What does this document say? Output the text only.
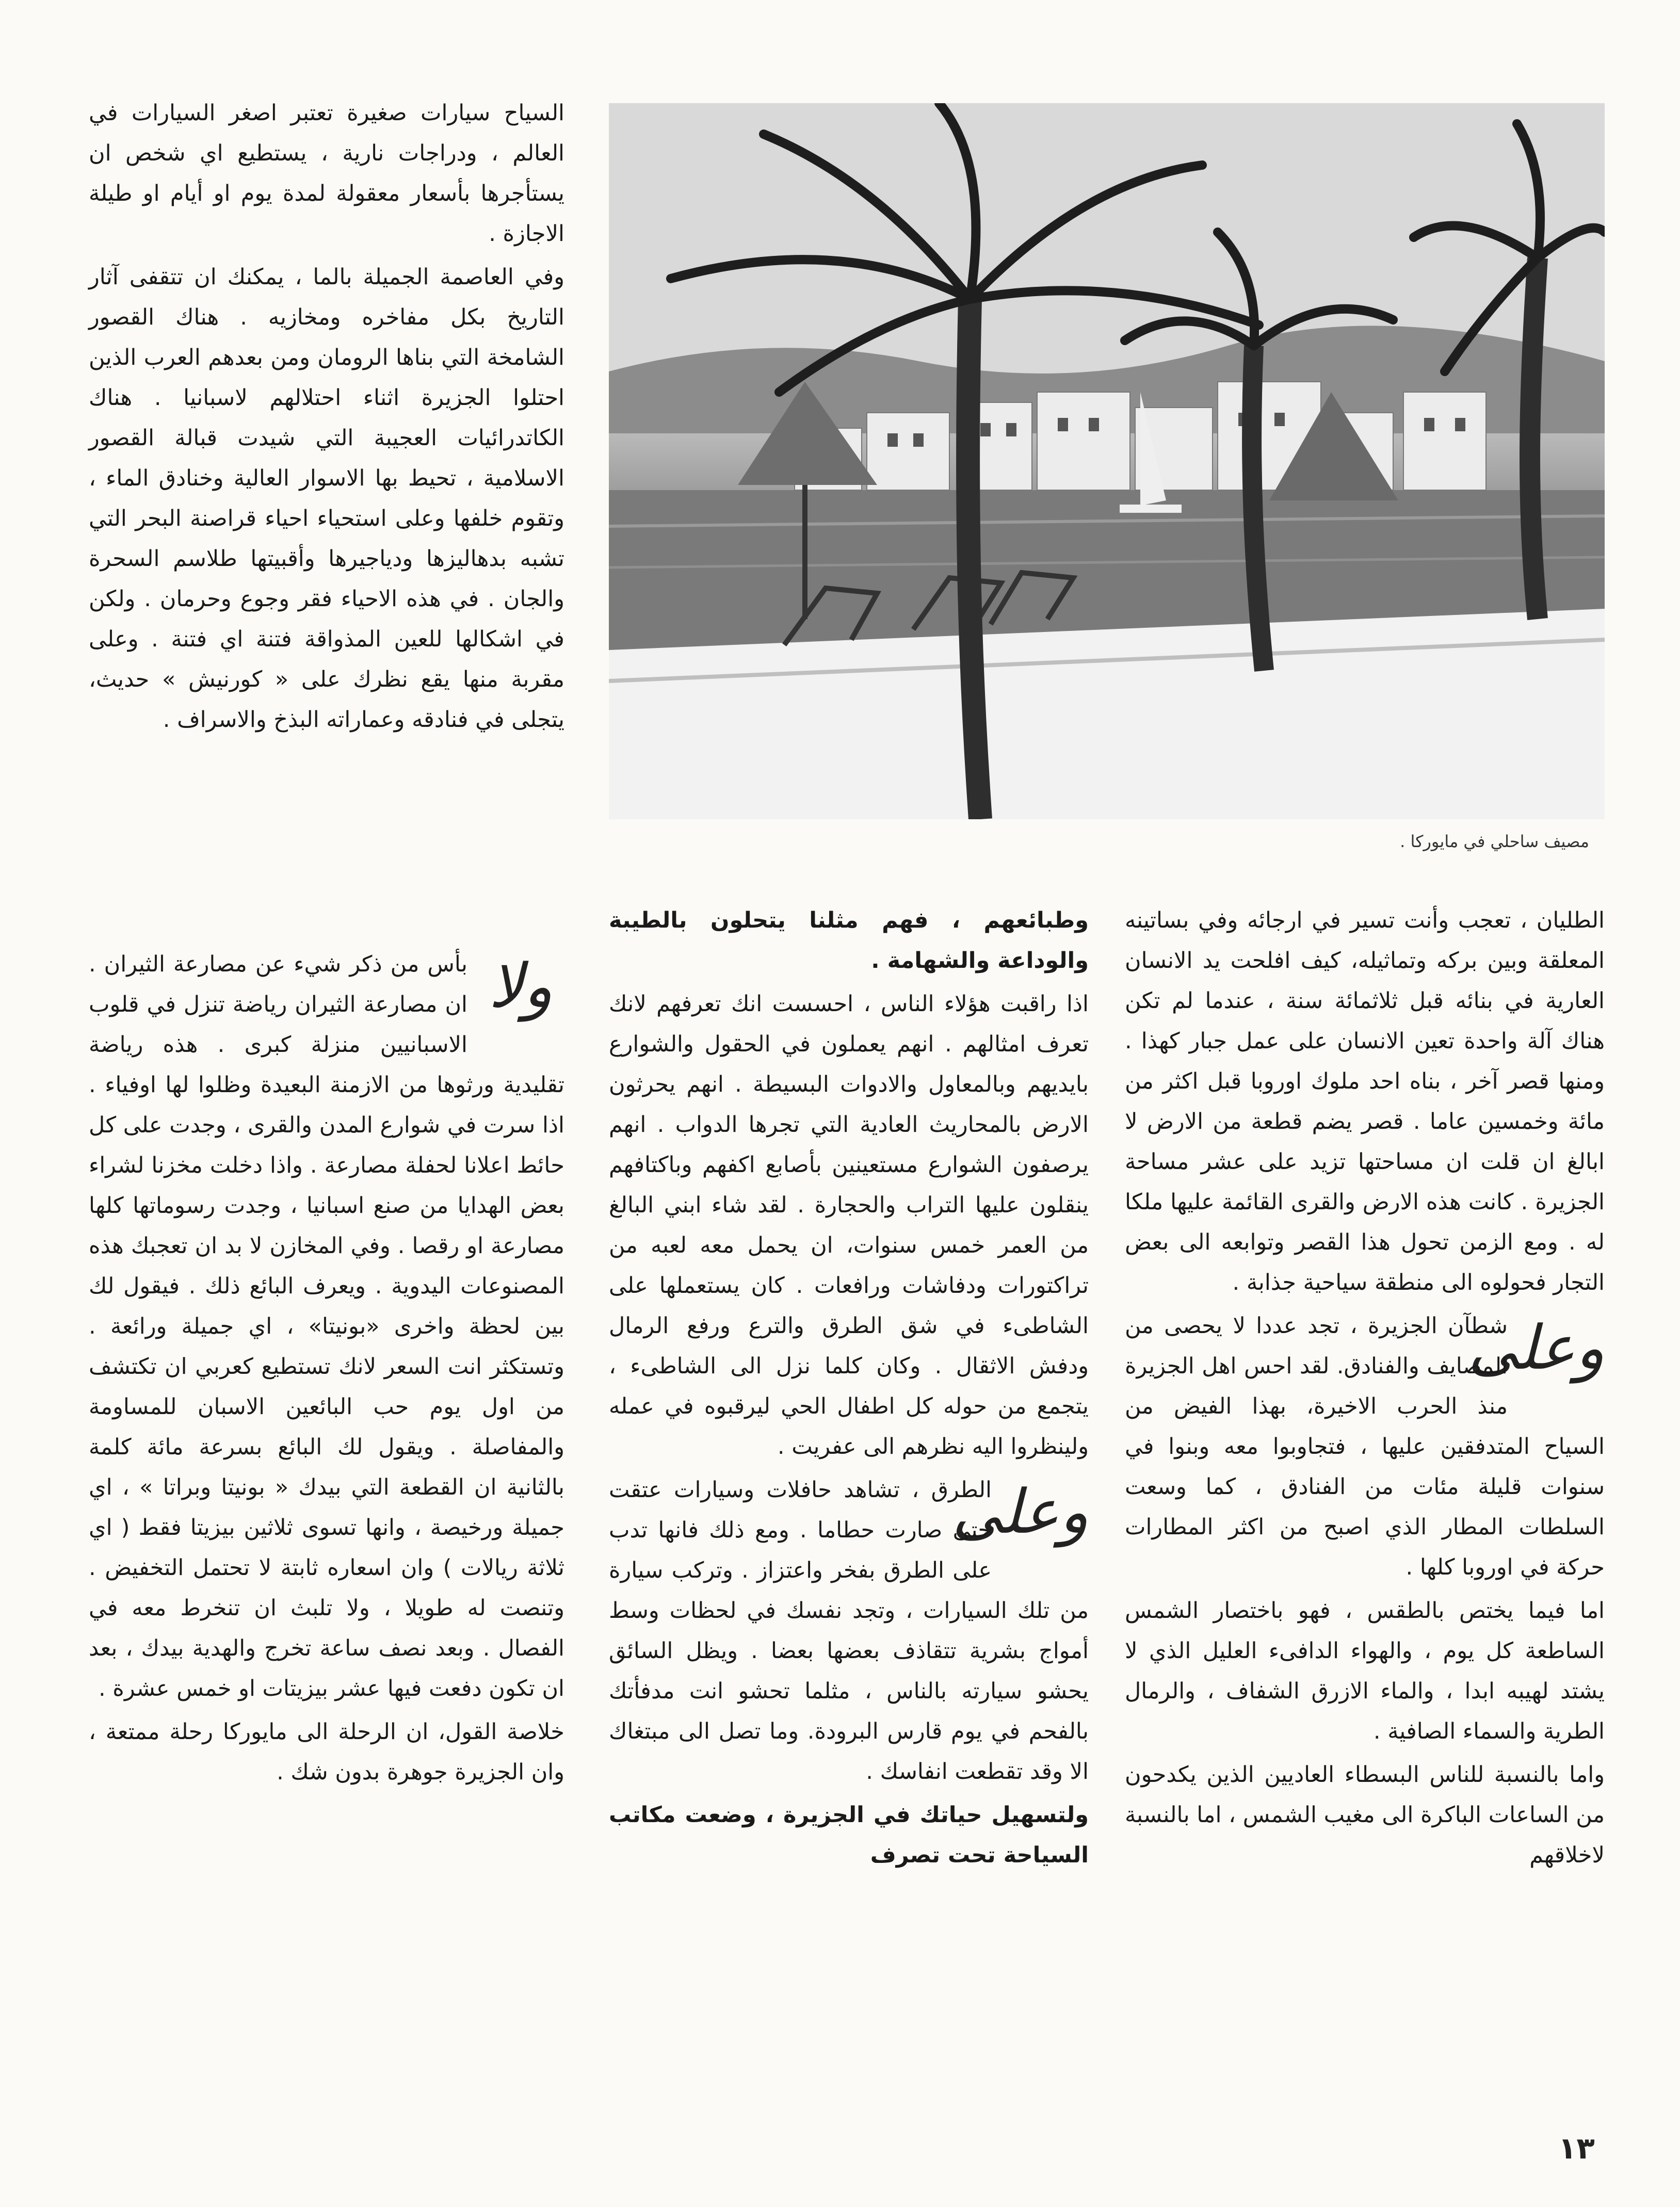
السياح سيارات صغيرة تعتبر اصغر السيارات في العالم ، ودراجات نارية ، يستطيع اي شخص ان يستأجرها بأسعار معقولة لمدة يوم او أيام او طيلة الاجازة .

وفي العاصمة الجميلة بالما ، يمكنك ان تتقفى آثار التاريخ بكل مفاخره ومخازيه . هناك القصور الشامخة التي بناها الرومان ومن بعدهم العرب الذين احتلوا الجزيرة اثناء احتلالهم لاسبانيا . هناك الكاتدرائيات العجيبة التي شيدت قبالة القصور الاسلامية ، تحيط بها الاسوار العالية وخنادق الماء ، وتقوم خلفها وعلى استحياء احياء قراصنة البحر التي تشبه بدهاليزها ودياجيرها وأقبيتها طلاسم السحرة والجان . في هذه الاحياء فقر وجوع وحرمان . ولكن في اشكالها للعين المذواقة فتنة اي فتنة . وعلى مقربة منها يقع نظرك على « كورنيش » حديث، يتجلى في فنادقه وعماراته البذخ والاسراف .

مصيف ساحلي في مايوركا .

الطليان ، تعجب وأنت تسير في ارجائه وفي بساتينه المعلقة وبين بركه وتماثيله، كيف افلحت يد الانسان العارية في بنائه قبل ثلاثمائة سنة ، عندما لم تكن هناك آلة واحدة تعين الانسان على عمل جبار كهذا . ومنها قصر آخر ، بناه احد ملوك اوروبا قبل اكثر من مائة وخمسين عاما . قصر يضم قطعة من الارض لا ابالغ ان قلت ان مساحتها تزيد على عشر مساحة الجزيرة . كانت هذه الارض والقرى القائمة عليها ملكا له . ومع الزمن تحول هذا القصر وتوابعه الى بعض التجار فحولوه الى منطقة سياحية جذابة .

وعلى
شطآن الجزيرة ، تجد عددا لا يحصى من المصايف والفنادق. لقد احس اهل الجزيرة منذ الحرب الاخيرة، بهذا الفيض من السياح المتدفقين عليها ، فتجاوبوا معه وبنوا في سنوات قليلة مئات من الفنادق ، كما وسعت السلطات المطار الذي اصبح من اكثر المطارات حركة في اوروبا كلها .

اما فيما يختص بالطقس ، فهو باختصار الشمس الساطعة كل يوم ، والهواء الدافىء العليل الذي لا يشتد لهيبه ابدا ، والماء الازرق الشفاف ، والرمال الطرية والسماء الصافية .

واما بالنسبة للناس البسطاء العاديين الذين يكدحون من الساعات الباكرة الى مغيب الشمس ، اما بالنسبة لاخلاقهم

وطبائعهم ، فهم مثلنا يتحلون بالطيبة والوداعة والشهامة .

اذا راقبت هؤلاء الناس ، احسست انك تعرفهم لانك تعرف امثالهم . انهم يعملون في الحقول والشوارع بايديهم وبالمعاول والادوات البسيطة . انهم يحرثون الارض بالمحاريث العادية التي تجرها الدواب . انهم يرصفون الشوارع مستعينين بأصابع اكفهم وباكتافهم ينقلون عليها التراب والحجارة . لقد شاء ابني البالغ من العمر خمس سنوات، ان يحمل معه لعبه من تراكتورات ودفاشات ورافعات . كان يستعملها على الشاطىء في شق الطرق والترع ورفع الرمال ودفش الاثقال . وكان كلما نزل الى الشاطىء ، يتجمع من حوله كل اطفال الحي ليرقبوه في عمله ولينظروا اليه نظرهم الى عفريت .

وعلى
الطرق ، تشاهد حافلات وسيارات عتقت حتى صارت حطاما . ومع ذلك فانها تدب على الطرق بفخر واعتزاز . وتركب سيارة من تلك السيارات ، وتجد نفسك في لحظات وسط أمواج بشرية تتقاذف بعضها بعضا . ويظل السائق يحشو سيارته بالناس ، مثلما تحشو انت مدفأتك بالفحم في يوم قارس البرودة. وما تصل الى مبتغاك الا وقد تقطعت انفاسك .

ولتسهيل حياتك في الجزيرة ، وضعت مكاتب السياحة تحت تصرف

ولا
بأس من ذكر شيء عن مصارعة الثيران . ان مصارعة الثيران رياضة تنزل في قلوب الاسبانيين منزلة كبرى . هذه رياضة تقليدية ورثوها من الازمنة البعيدة وظلوا لها اوفياء . اذا سرت في شوارع المدن والقرى ، وجدت على كل حائط اعلانا لحفلة مصارعة . واذا دخلت مخزنا لشراء بعض الهدايا من صنع اسبانيا ، وجدت رسوماتها كلها مصارعة او رقصا . وفي المخازن لا بد ان تعجبك هذه المصنوعات اليدوية . ويعرف البائع ذلك . فيقول لك بين لحظة واخرى «بونيتا» ، اي جميلة ورائعة . وتستكثر انت السعر لانك تستطيع كعربي ان تكتشف من اول يوم حب البائعين الاسبان للمساومة والمفاصلة . ويقول لك البائع بسرعة مائة كلمة بالثانية ان القطعة التي بيدك « بونيتا وبراتا » ، اي جميلة ورخيصة ، وانها تسوى ثلاثين بيزيتا فقط ( اي ثلاثة ريالات ) وان اسعاره ثابتة لا تحتمل التخفيض . وتنصت له طويلا ، ولا تلبث ان تنخرط معه في الفصال . وبعد نصف ساعة تخرج والهدية بيدك ، بعد ان تكون دفعت فيها عشر بيزيتات او خمس عشرة .

خلاصة القول، ان الرحلة الى مايوركا رحلة ممتعة ، وان الجزيرة جوهرة بدون شك .

١٣
